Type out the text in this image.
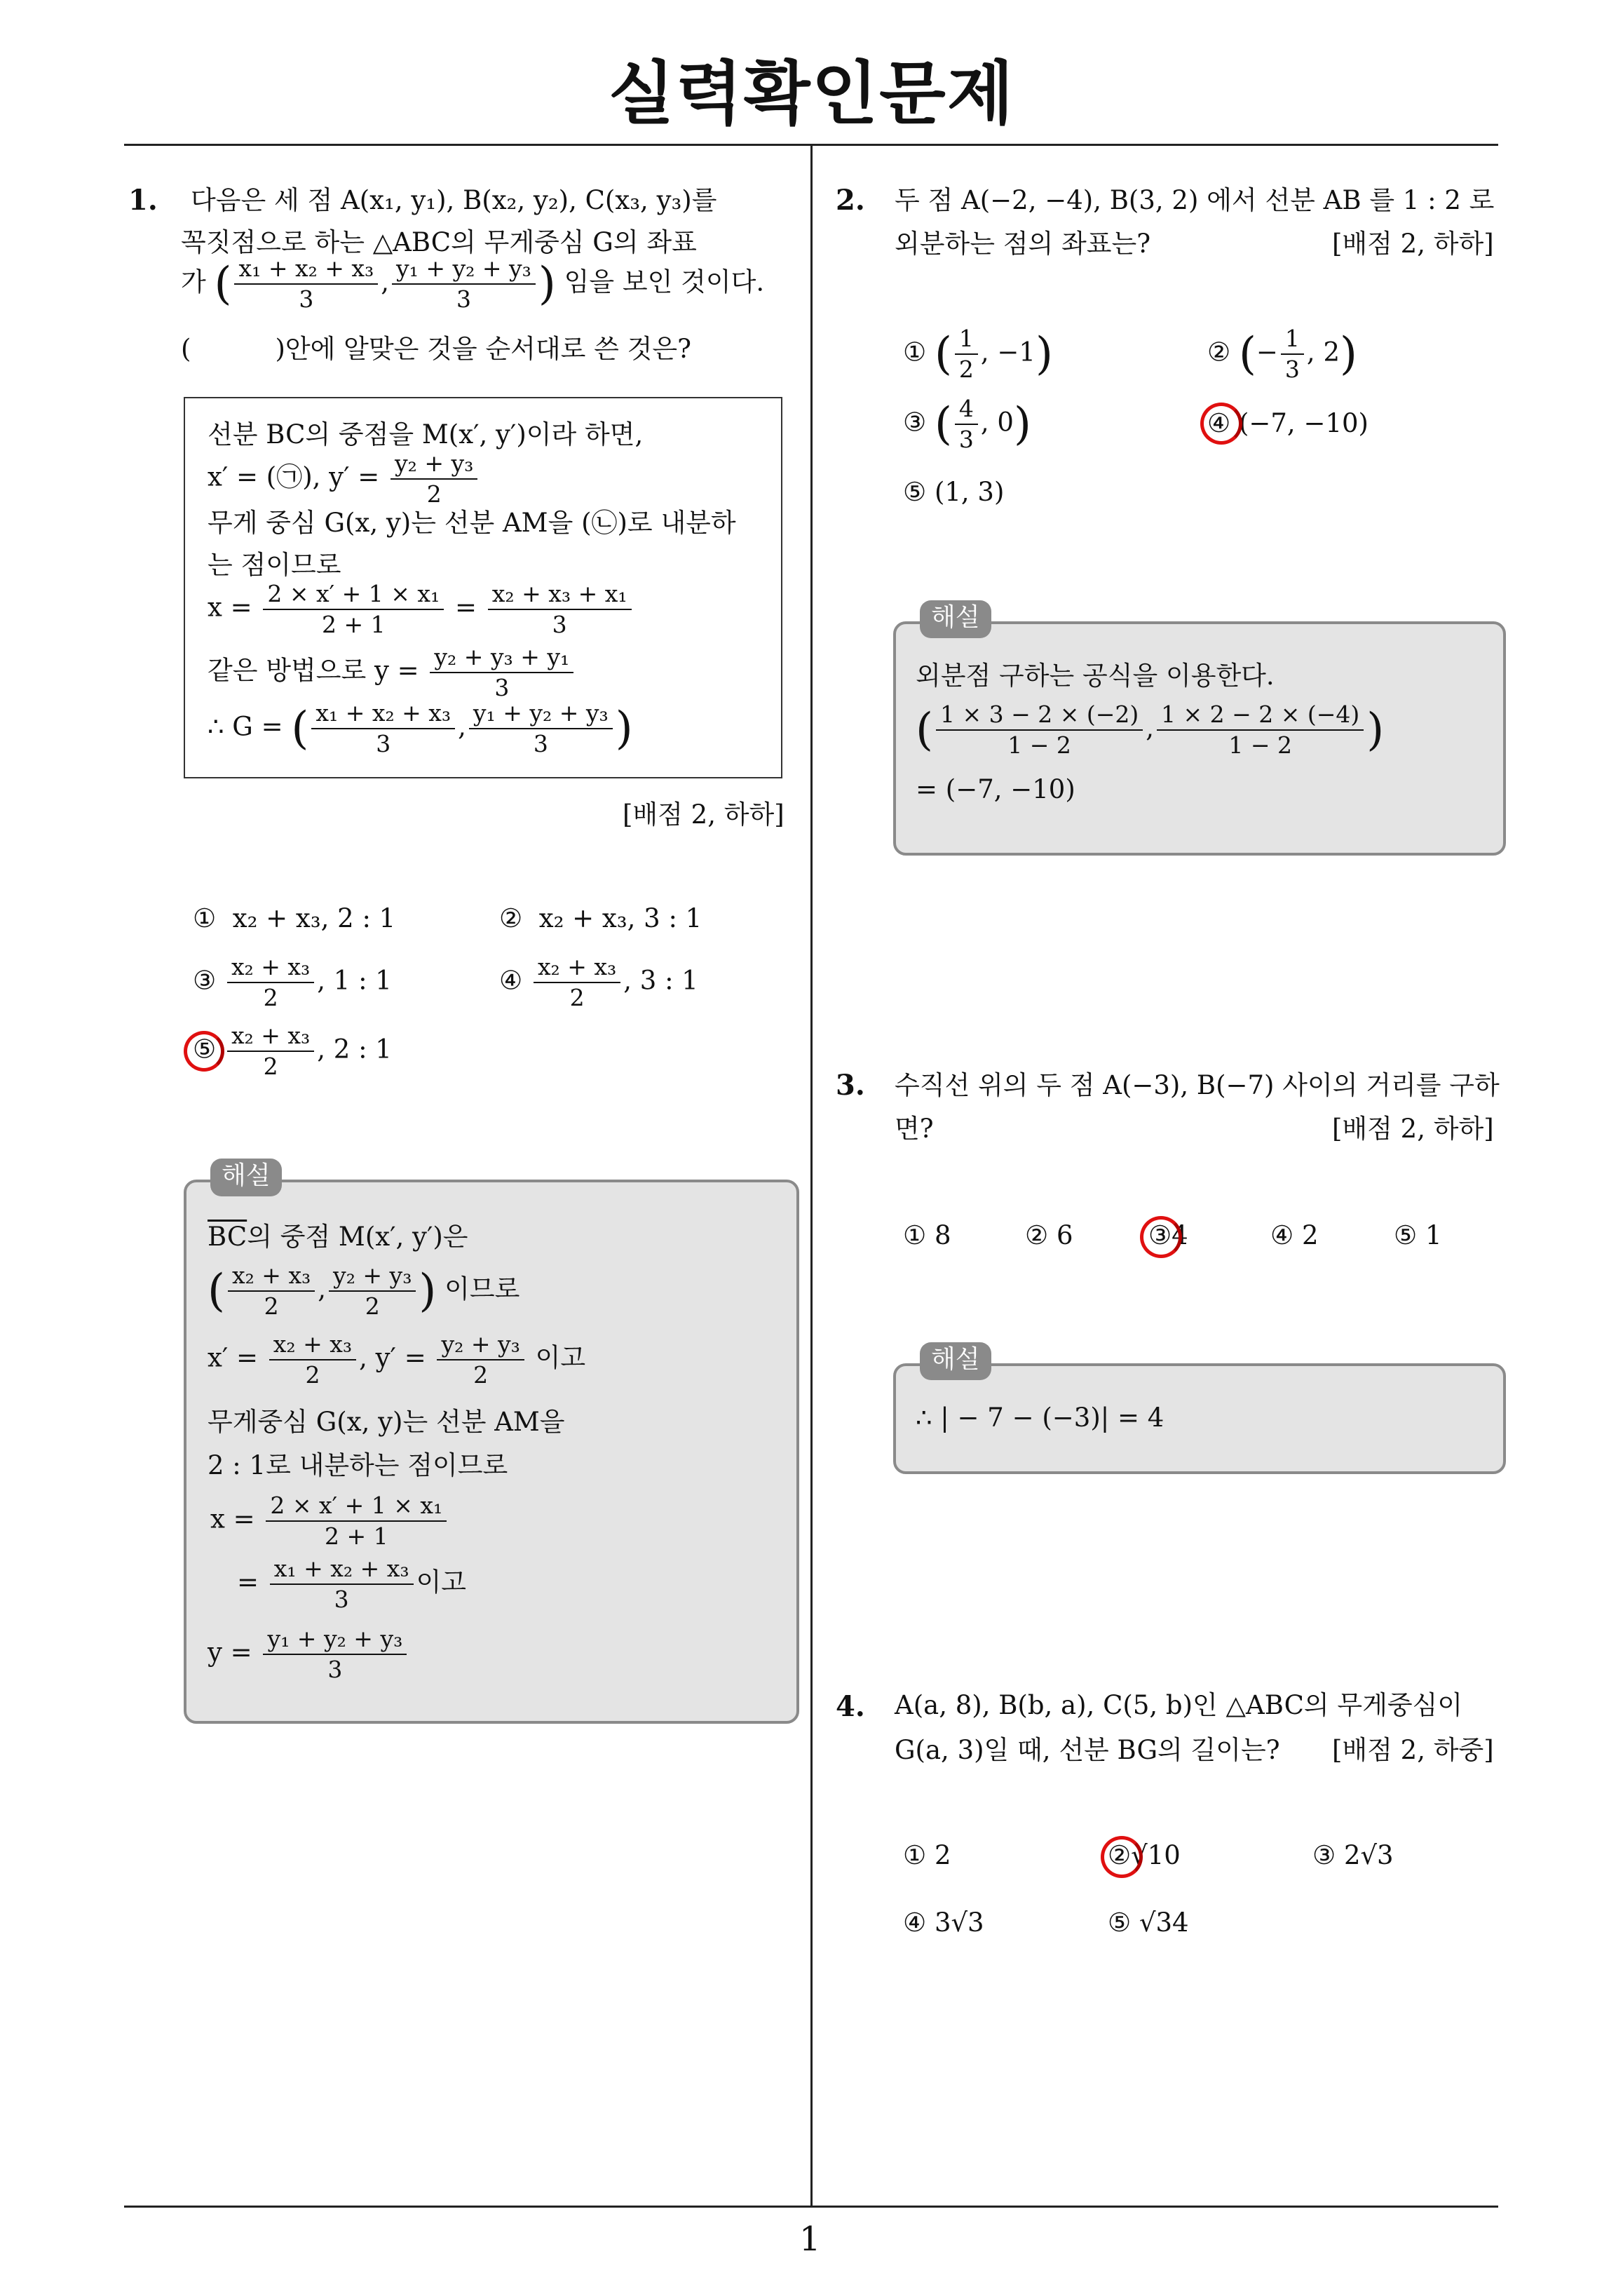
실력확인문제
1
1. 다음은 세 점 A(x₁, y₁), B(x₂, y₂), C(x₃, y₃)를
꼭짓점으로 하는 △ABC의 무게중심 G의 좌표
가 ( $\frac{\text{x₁ + x₂ + x₃}}{3}$ , $\frac{\text{y₁ + y₂ + y₃}}{3}$ ) 임을 보인 것이다.
(	)안에 알맞은 것을 순서대로 쓴 것은?
선분 BC의 중점을 M(x′, y′)이라 하면,
x′ = (㉠), $y' = \frac{\text{y₂ + y₃}}{2}$
무게 중심 G(x, y)는 선분 AM을 (㉡)로 내분하
는 점이므로
$x = \frac{\text{2 × x′ + 1 × x₁}}{2 + 1} = \frac{\text{x₂ + x₃ + x₁}}{3}$
같은 방법으로 $y = \frac{\text{y₂ + y₃ + y₁}}{3}$
∴ G = ( $\frac{\text{x₁ + x₂ + x₃}}{3}$ , $\frac{\text{y₁ + y₂ + y₃}}{3}$ )
[배점 2, 하하]
① x₂ + x₃, 2 : 1	② x₂ + x₃, 3 : 1
③ $\frac{\text{x₂ + x₃}}{2}$ , 1 : 1	④ $\frac{\text{x₂ + x₃}}{2}$ , 3 : 1
⑤ $\frac{\text{x₂ + x₃}}{2}$ , 2 : 1
해설
$\overline{BC}$의 중점 M(x′, y′)은
( $\frac{\text{x₂ + x₃}}{2}$ , $\frac{\text{y₂ + y₃}}{2}$ ) 이므로
$x' = \frac{\text{x₂ + x₃}}{2}$ , $y' = \frac{\text{y₂ + y₃}}{2}$ 이고
무게중심 G(x, y)는 선분 AM을
2 : 1로 내분하는 점이므로
$x = \frac{\text{2 × x′ + 1 × x₁}}{2 + 1}$
= $\frac{\text{x₁ + x₂ + x₃}}{3}$ 이고
$y = \frac{\text{y₁ + y₂ + y₃}}{3}$
2. 두 점 A(−2, −4), B(3, 2) 에서 선분 AB 를 1 : 2 로
외분하는 점의 좌표는?	[배점 2, 하하]
① ( $\frac{1}{2}$ , −1)	② (− $\frac{1}{3}$ , 2)
③ ( $\frac{4}{3}$ , 0)	④ (−7, −10)
⑤ (1, 3)
해설
외분점 구하는 공식을 이용한다.
( $\frac{1 \times 3 - 2 \times (-2)}{1 - 2}$ , $\frac{1 \times 2 - 2 \times (-4)}{1 - 2}$ )
= (−7, −10)
3. 수직선 위의 두 점 A(−3), B(−7) 사이의 거리를 구하
면?	[배점 2, 하하]
① 8	② 6	③4	④ 2	⑤ 1
해설
∴ | − 7 − (−3)| = 4
4. A(a, 8), B(b, a), C(5, b)인 △ABC의 무게중심이
G(a, 3)일 때, 선분 BG의 길이는? [배점 2, 하중]
① 2	②√10	③ 2√3
④ 3√3	⑤ √34
